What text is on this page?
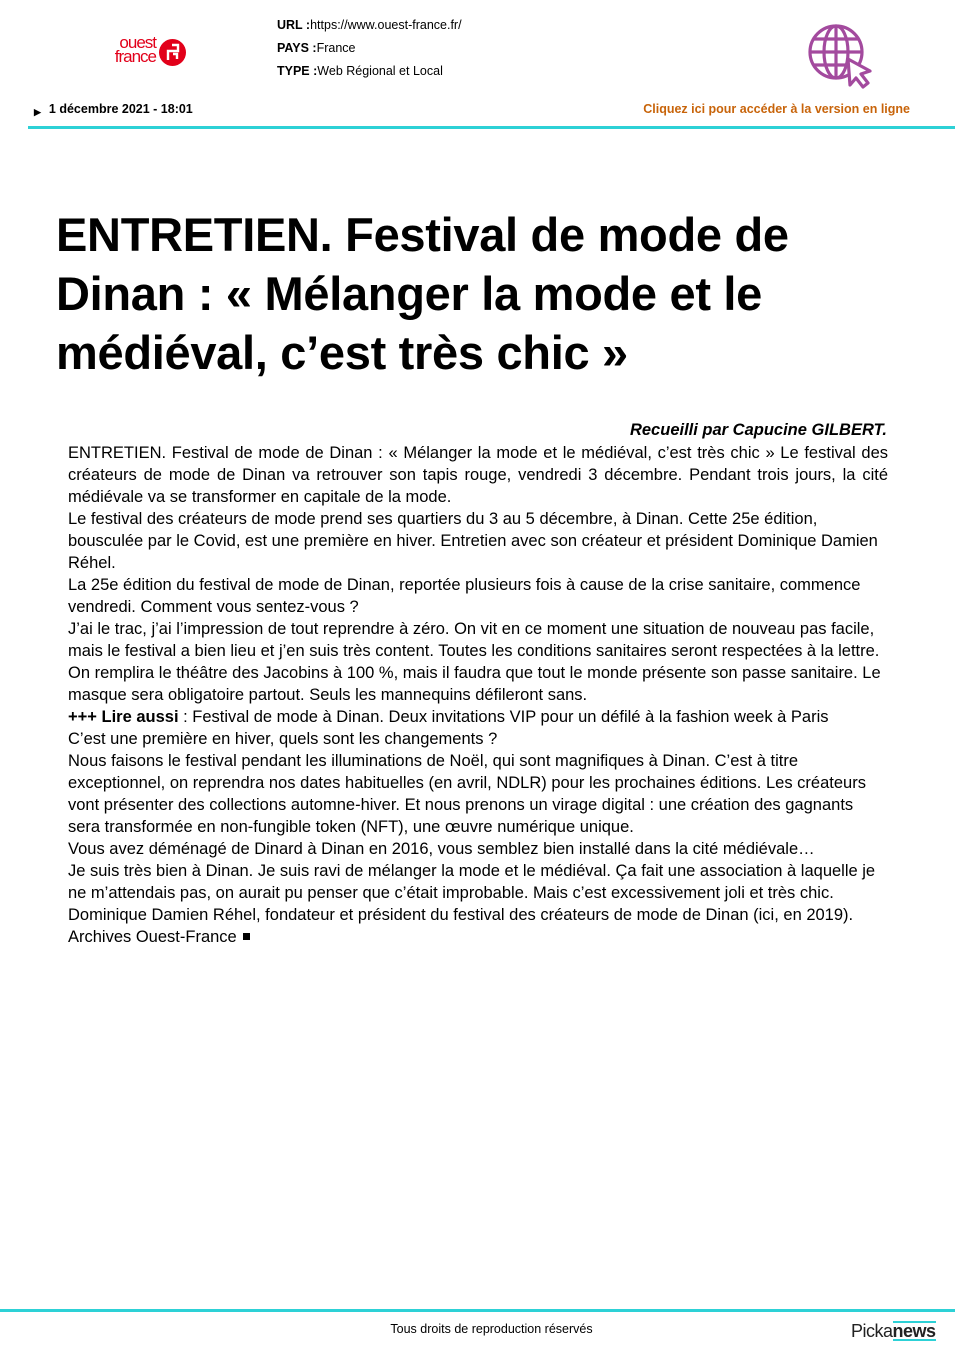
ouest
france
URL :https://www.ouest-france.fr/
PAYS :France
TYPE :Web Régional et Local
▶ 1 décembre 2021 - 18:01	Cliquez ici pour accéder à la version en ligne
ENTRETIEN. Festival de mode de Dinan : « Mélanger la mode et le médiéval, c’est très chic »
Recueilli par Capucine GILBERT.

ENTRETIEN. Festival de mode de Dinan : « Mélanger la mode et le médiéval, c’est très chic » Le festival des créateurs de mode de Dinan va retrouver son tapis rouge, vendredi 3 décembre. Pendant trois jours, la cité médiévale va se transformer en capitale de la mode.

Le festival des créateurs de mode prend ses quartiers du 3 au 5 décembre, à Dinan. Cette 25e édition, bousculée par le Covid, est une première en hiver. Entretien avec son créateur et président Dominique Damien Réhel.

La 25e édition du festival de mode de Dinan, reportée plusieurs fois à cause de la crise sanitaire, commence vendredi. Comment vous sentez-vous ?

J’ai le trac, j’ai l’impression de tout reprendre à zéro. On vit en ce moment une situation de nouveau pas facile, mais le festival a bien lieu et j’en suis très content. Toutes les conditions sanitaires seront respectées à la lettre. On remplira le théâtre des Jacobins à 100 %, mais il faudra que tout le monde présente son passe sanitaire. Le masque sera obligatoire partout. Seuls les mannequins défileront sans.

+++ Lire aussi : Festival de mode à Dinan. Deux invitations VIP pour un défilé à la fashion week à Paris

C’est une première en hiver, quels sont les changements ?

Nous faisons le festival pendant les illuminations de Noël, qui sont magnifiques à Dinan. C’est à titre exceptionnel, on reprendra nos dates habituelles (en avril, NDLR) pour les prochaines éditions. Les créateurs vont présenter des collections automne-hiver. Et nous prenons un virage digital : une création des gagnants sera transformée en non-fungible token (NFT), une œuvre numérique unique.

Vous avez déménagé de Dinard à Dinan en 2016, vous semblez bien installé dans la cité médiévale…

Je suis très bien à Dinan. Je suis ravi de mélanger la mode et le médiéval. Ça fait une association à laquelle je ne m’attendais pas, on aurait pu penser que c’était improbable. Mais c’est excessivement joli et très chic.

Dominique Damien Réhel, fondateur et président du festival des créateurs de mode de Dinan (ici, en 2019).

Archives Ouest-France

Tous droits de reproduction réservés	Pickanews
